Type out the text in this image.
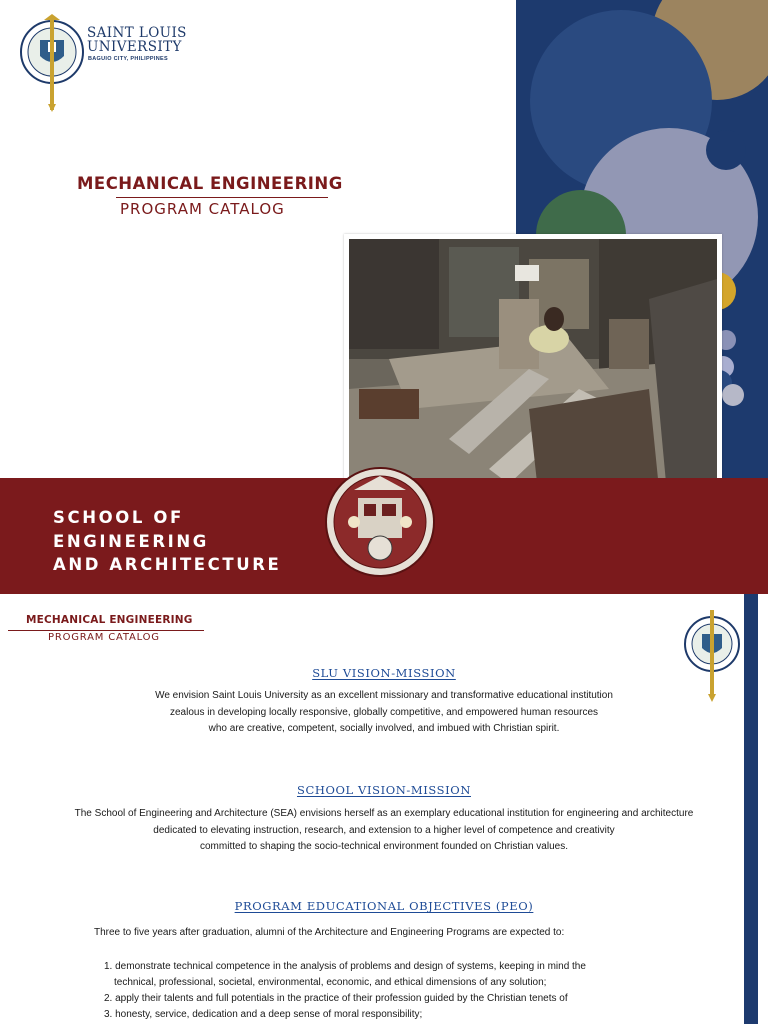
SAINT LOUIS
UNIVERSITY
BAGUIO CITY, PHILIPPINES
MECHANICAL ENGINEERING
PROGRAM CATALOG
SCHOOL OF
ENGINEERING
AND ARCHITECTURE
MECHANICAL ENGINEERING
PROGRAM CATALOG
SLU VISION-MISSION
We envision Saint Louis University as an excellent missionary and transformative educational institution
zealous in developing locally responsive, globally competitive, and empowered human resources
who are creative, competent, socially involved, and imbued with Christian spirit.
SCHOOL VISION-MISSION
The School of Engineering and Architecture (SEA) envisions herself as an exemplary educational institution for engineering and architecture
dedicated to elevating instruction, research, and extension to a higher level of competence and creativity
committed to shaping the socio-technical environment founded on Christian values.
PROGRAM EDUCATIONAL OBJECTIVES (PEO)
Three to five years after graduation, alumni of the Architecture and Engineering Programs are expected to:
1. demonstrate technical competence in the analysis of problems and design of systems, keeping in mind the
technical, professional, societal, environmental, economic, and ethical dimensions of any solution;
2. apply their talents and full potentials in the practice of their profession guided by the Christian tenets of
3. honesty, service, dedication and a deep sense of moral responsibility;
